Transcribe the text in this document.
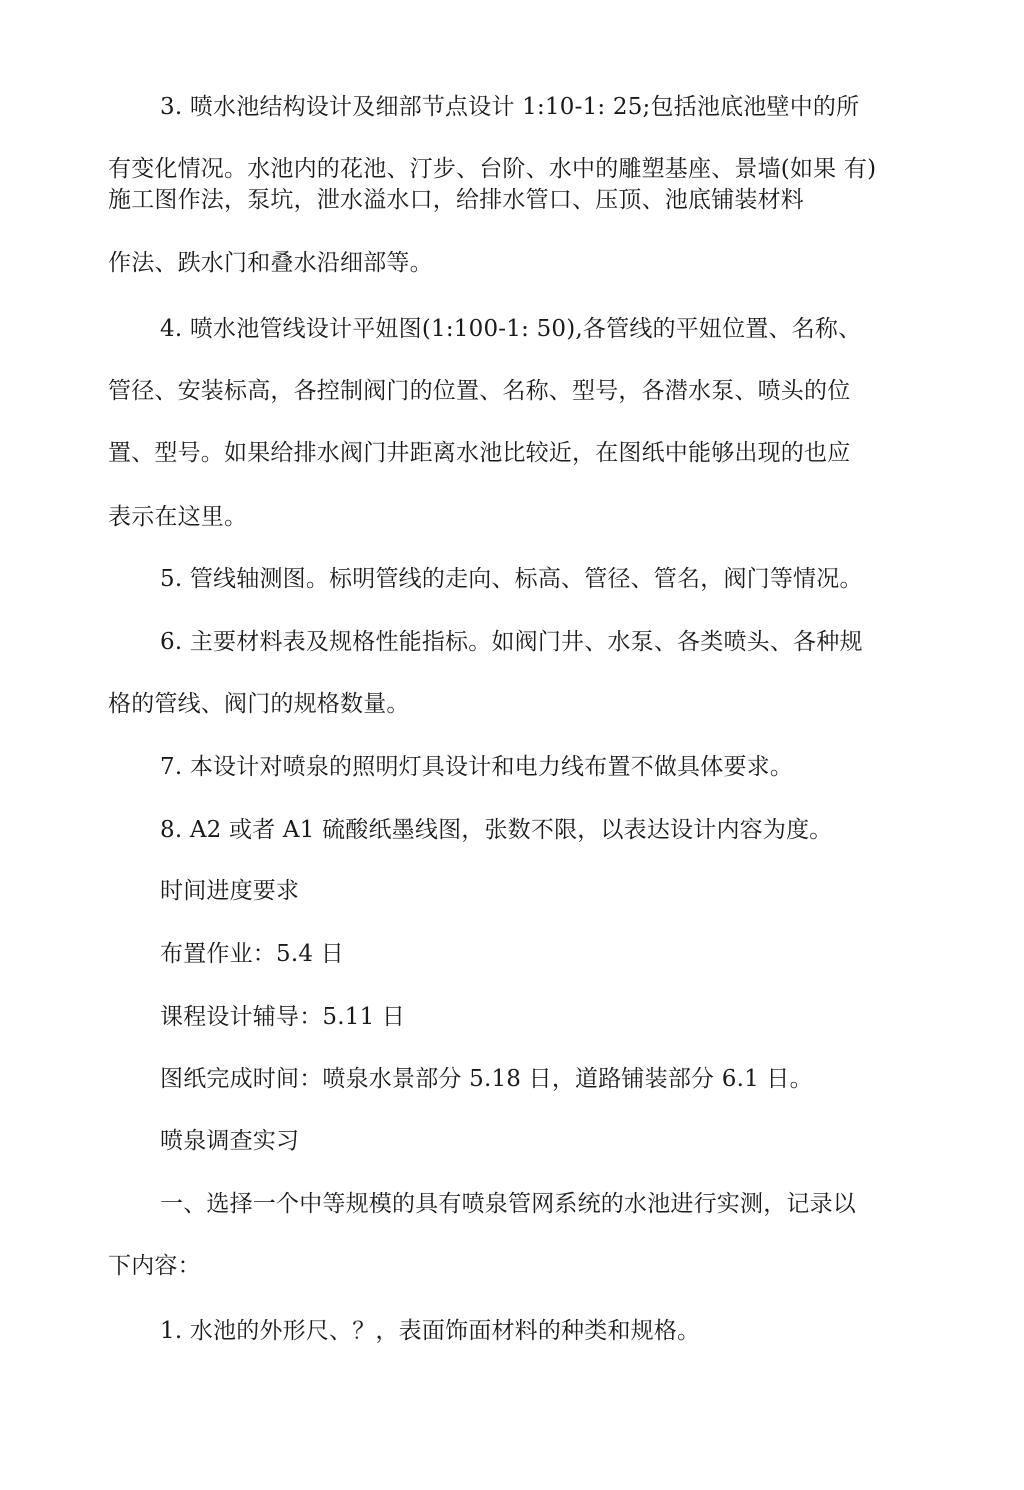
3. 喷水池结构设计及细部节点设计 1:10-1: 25;包括池底池壁中的所
有变化情况。水池内的花池、汀步、台阶、水中的雕塑基座、景墙(如果 有)
施工图作法，泵坑，泄水溢水口，给排水管口、压顶、池底铺装材料
作法、跌水门和叠水沿细部等。
4. 喷水池管线设计平妞图(1:100-1: 50),各管线的平妞位置、名称、
管径、安装标高，各控制阀门的位置、名称、型号，各潜水泵、喷头的位
置、型号。如果给排水阀门井距离水池比较近，在图纸中能够出现的也应
表示在这里。
5. 管线轴测图。标明管线的走向、标高、管径、管名，阀门等情况。
6. 主要材料表及规格性能指标。如阀门井、水泵、各类喷头、各种规
格的管线、阀门的规格数量。
7. 本设计对喷泉的照明灯具设计和电力线布置不做具体要求。
8. A2 或者 A1 硫酸纸墨线图，张数不限，以表达设计内容为度。
时间进度要求
布置作业：5.4 日
课程设计辅导：5.11 日
图纸完成时间：喷泉水景部分 5.18 日，道路铺装部分 6.1 日。
喷泉调查实习
一、选择一个中等规模的具有喷泉管网系统的水池进行实测，记录以
下内容：
1. 水池的外形尺、？，表面饰面材料的种类和规格。
